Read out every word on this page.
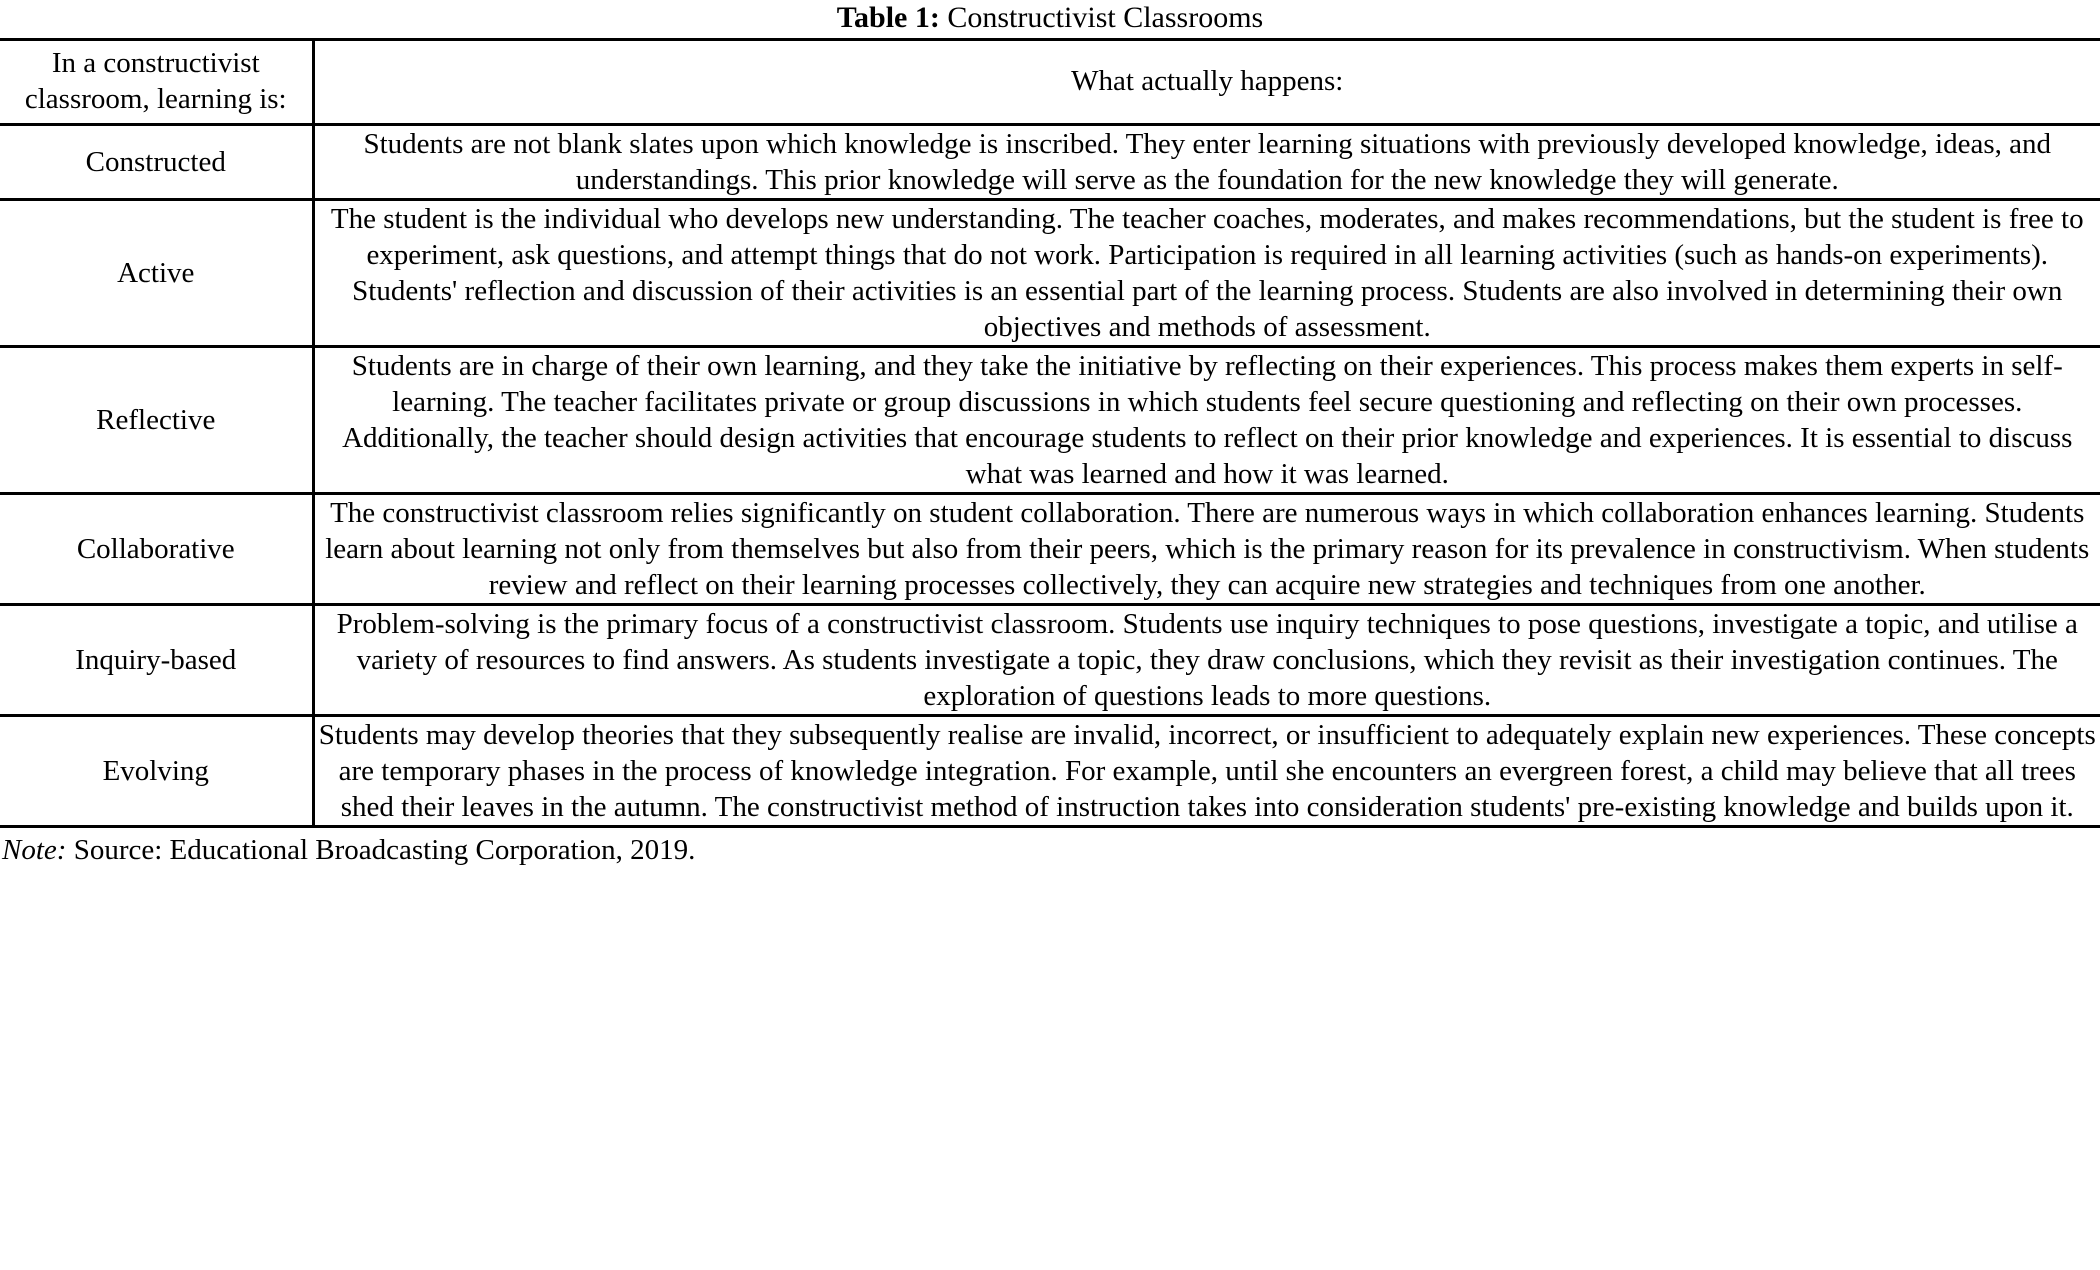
Table 1: Constructivist Classrooms
In a constructivist classroom, learning is:	What actually happens:

Constructed	Students are not blank slates upon which knowledge is inscribed. They enter learning situations with previously developed knowledge, ideas, and understandings. This prior knowledge will serve as the foundation for the new knowledge they will generate.

Active	The student is the individual who develops new understanding. The teacher coaches, moderates, and makes recommendations, but the student is free to experiment, ask questions, and attempt things that do not work. Participation is required in all learning activities (such as hands-on experiments). Students' reflection and discussion of their activities is an essential part of the learning process. Students are also involved in determining their own objectives and methods of assessment.

Reflective	Students are in charge of their own learning, and they take the initiative by reflecting on their experiences. This process makes them experts in self-learning. The teacher facilitates private or group discussions in which students feel secure questioning and reflecting on their own processes. Additionally, the teacher should design activities that encourage students to reflect on their prior knowledge and experiences. It is essential to discuss what was learned and how it was learned.

Collaborative	The constructivist classroom relies significantly on student collaboration. There are numerous ways in which collaboration enhances learning. Students learn about learning not only from themselves but also from their peers, which is the primary reason for its prevalence in constructivism. When students review and reflect on their learning processes collectively, they can acquire new strategies and techniques from one another.

Inquiry-based	Problem-solving is the primary focus of a constructivist classroom. Students use inquiry techniques to pose questions, investigate a topic, and utilise a variety of resources to find answers. As students investigate a topic, they draw conclusions, which they revisit as their investigation continues. The exploration of questions leads to more questions.

Evolving	Students may develop theories that they subsequently realise are invalid, incorrect, or insufficient to adequately explain new experiences. These concepts are temporary phases in the process of knowledge integration. For example, until she encounters an evergreen forest, a child may believe that all trees shed their leaves in the autumn. The constructivist method of instruction takes into consideration students' pre-existing knowledge and builds upon it.

Note: Source: Educational Broadcasting Corporation, 2019.
